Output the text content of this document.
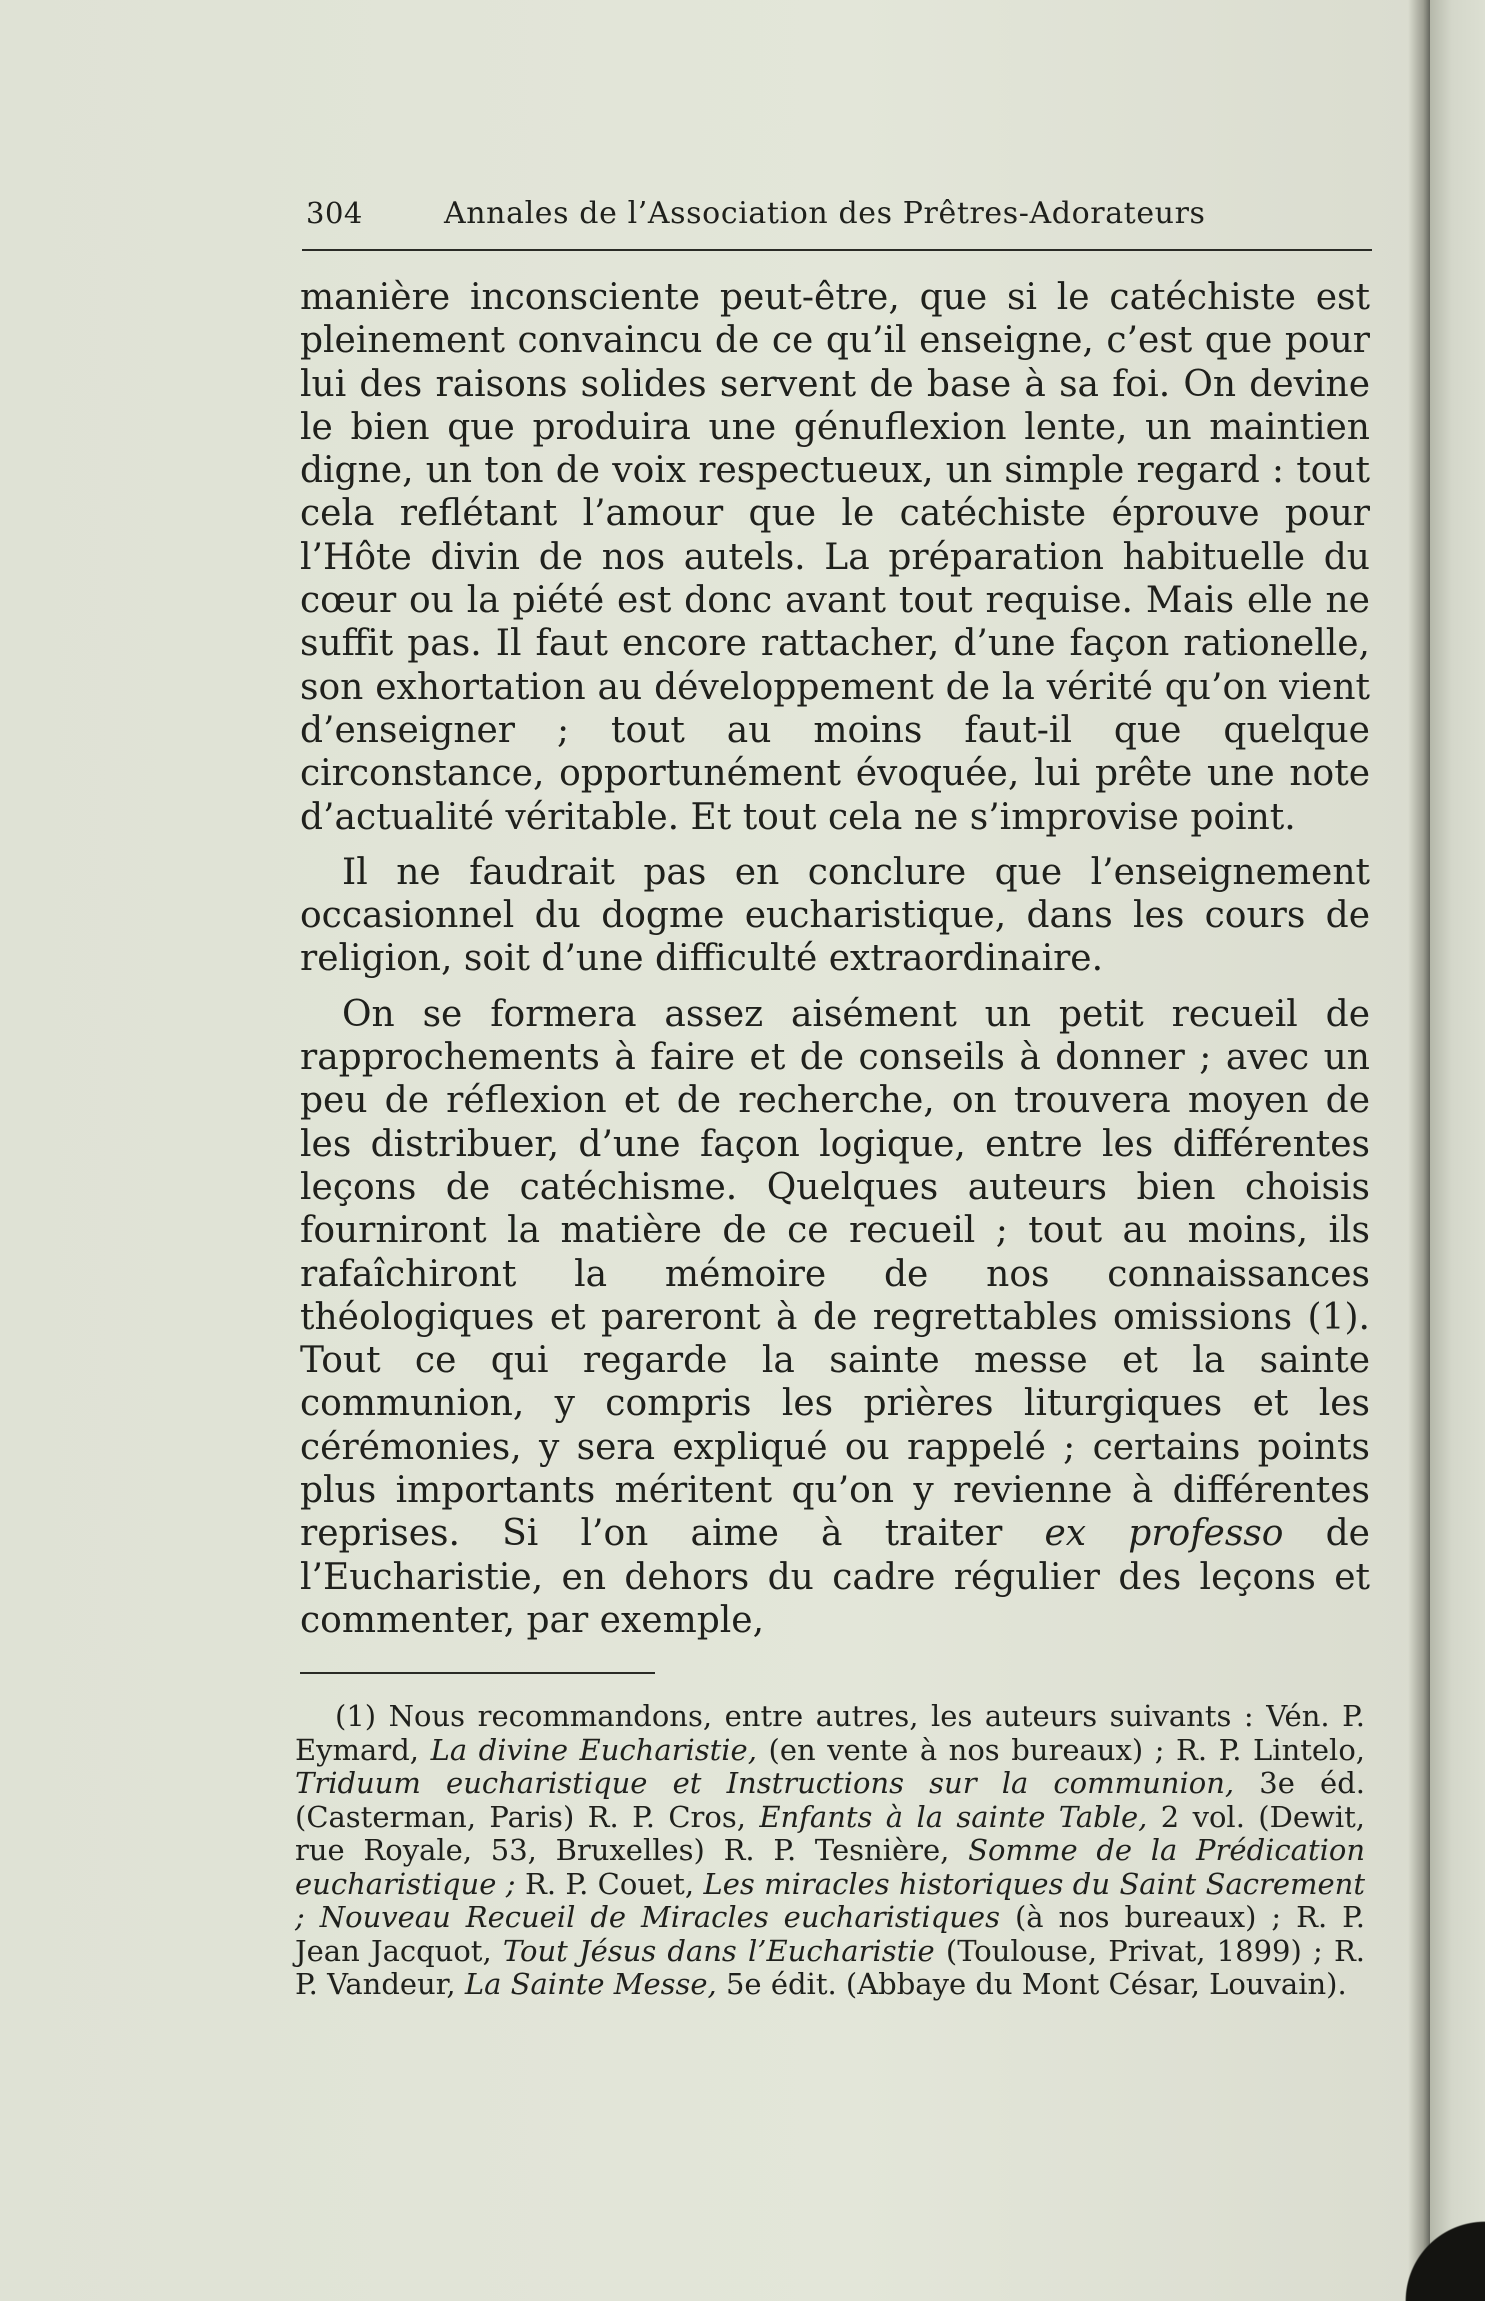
304	Annales de l’Association des Prêtres-Adorateurs

manière inconsciente peut-être, que si le catéchiste est pleinement convaincu de ce qu’il enseigne, c’est que pour lui des raisons solides servent de base à sa foi. On devine le bien que produira une génuflexion lente, un maintien digne, un ton de voix respectueux, un simple regard : tout cela reflétant l’amour que le catéchiste éprouve pour l’Hôte divin de nos autels. La préparation habituelle du cœur ou la piété est donc avant tout requise. Mais elle ne suffit pas. Il faut encore rattacher, d’une façon rationelle, son exhortation au développement de la vérité qu’on vient d’enseigner ; tout au moins faut-il que quelque circonstance, opportunément évoquée, lui prête une note d’actualité véritable. Et tout cela ne s’improvise point.

Il ne faudrait pas en conclure que l’enseignement occasionnel du dogme eucharistique, dans les cours de religion, soit d’une difficulté extraordinaire.

On se formera assez aisément un petit recueil de rapprochements à faire et de conseils à donner ; avec un peu de réflexion et de recherche, on trouvera moyen de les distribuer, d’une façon logique, entre les différentes leçons de catéchisme. Quelques auteurs bien choisis fourniront la matière de ce recueil ; tout au moins, ils rafaîchiront la mémoire de nos connaissances théologiques et pareront à de regrettables omissions (1). Tout ce qui regarde la sainte messe et la sainte communion, y compris les prières liturgiques et les cérémonies, y sera expliqué ou rappelé ; certains points plus importants méritent qu’on y revienne à différentes reprises. Si l’on aime à traiter ex professo de l’Eucharistie, en dehors du cadre régulier des leçons et commenter, par exemple,

(1) Nous recommandons, entre autres, les auteurs suivants : Vén. P. Eymard, La divine Eucharistie, (en vente à nos bureaux) ; R. P. Lintelo, Triduum eucharistique et Instructions sur la communion, 3e éd. (Casterman, Paris) R. P. Cros, Enfants à la sainte Table, 2 vol. (Dewit, rue Royale, 53, Bruxelles) R. P. Tesnière, Somme de la Prédication eucharistique ; R. P. Couet, Les miracles historiques du Saint Sacrement ; Nouveau Recueil de Miracles eucharistiques (à nos bureaux) ; R. P. Jean Jacquot, Tout Jésus dans l’Eucharistie (Toulouse, Privat, 1899) ; R. P. Vandeur, La Sainte Messe, 5e édit. (Abbaye du Mont César, Louvain).
